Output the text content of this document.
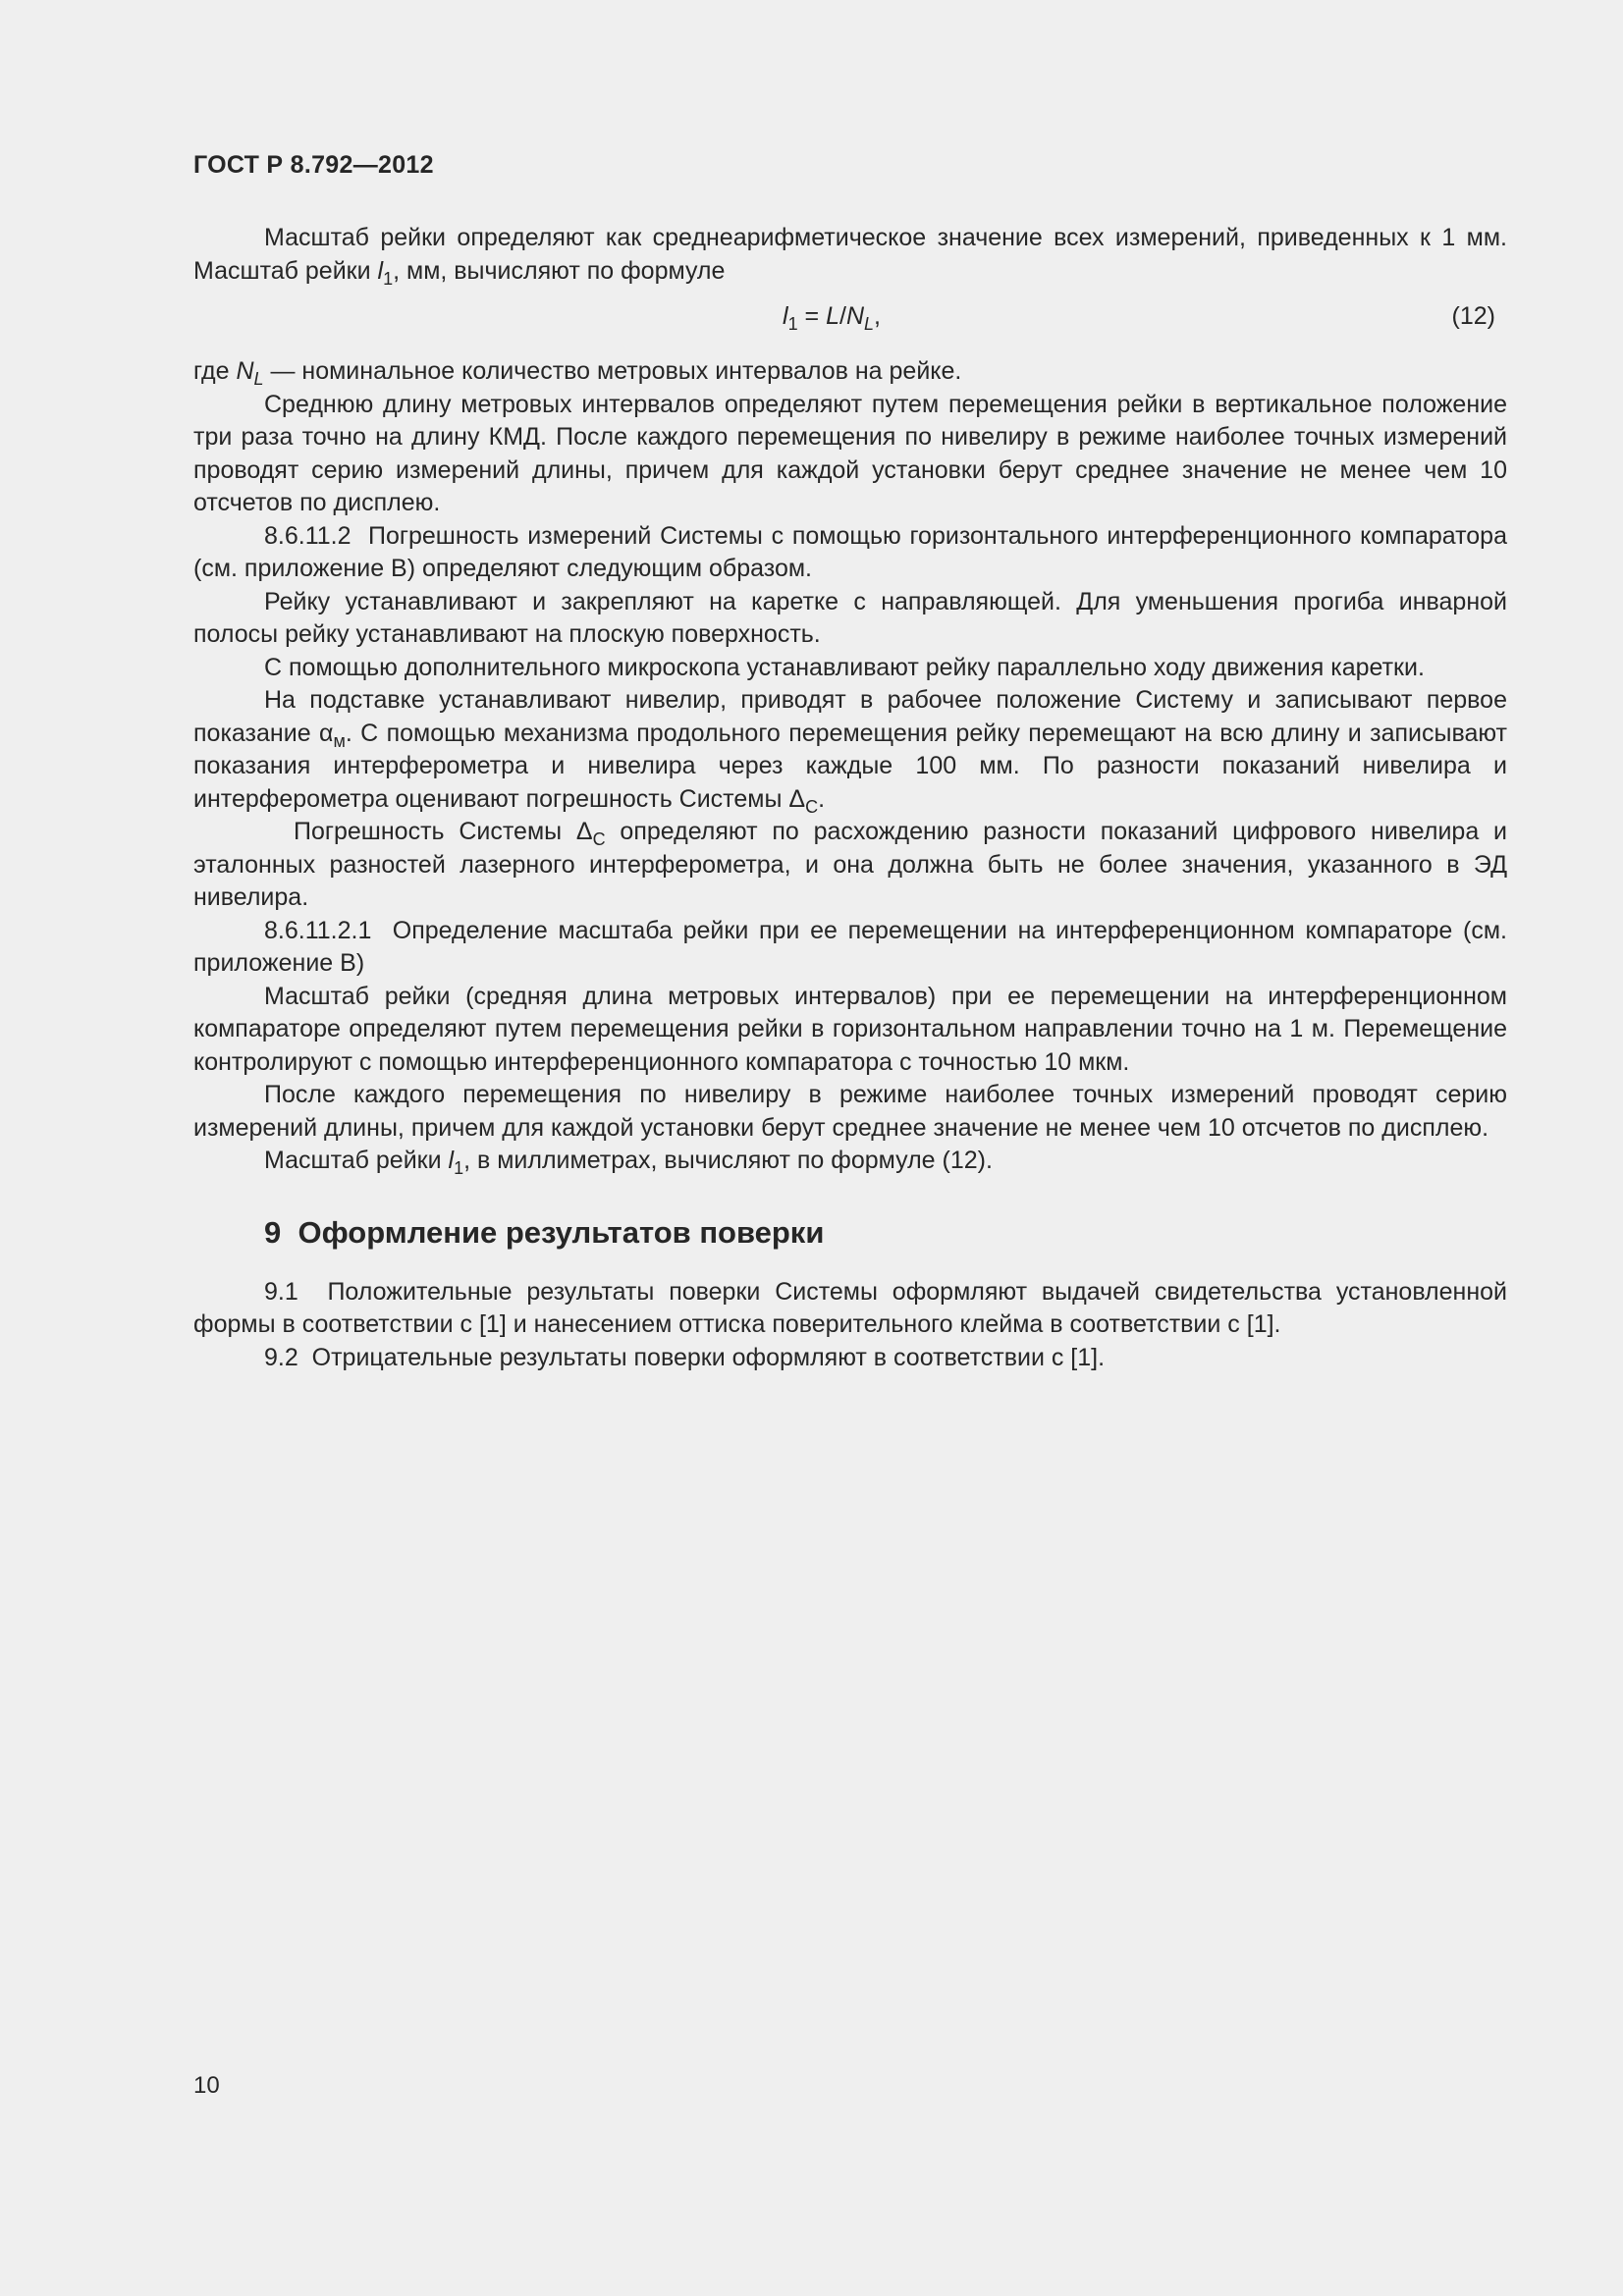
ГОСТ Р 8.792—2012

Масштаб рейки определяют как среднеарифметическое значение всех измерений, приведенных к 1 мм. Масштаб рейки $l_1$, мм, вычисляют по формуле

$l_1 = L/N_L$,	(12)

где $N_L$ — номинальное количество метровых интервалов на рейке.

Среднюю длину метровых интервалов определяют путем перемещения рейки в вертикальное положение три раза точно на длину КМД. После каждого перемещения по нивелиру в режиме наиболее точных измерений проводят серию измерений длины, причем для каждой установки берут среднее значение не менее чем 10 отсчетов по дисплею.

8.6.11.2  Погрешность измерений Системы с помощью горизонтального интерференционного компаратора (см. приложение В) определяют следующим образом.

Рейку устанавливают и закрепляют на каретке с направляющей. Для уменьшения прогиба инварной полосы рейку устанавливают на плоскую поверхность.

С помощью дополнительного микроскопа устанавливают рейку параллельно ходу движения каретки.

На подставке устанавливают нивелир, приводят в рабочее положение Систему и записывают первое показание $\alpha_м$. С помощью механизма продольного перемещения рейку перемещают на всю длину и записывают показания интерферометра и нивелира через каждые 100 мм. По разности показаний нивелира и интерферометра оценивают погрешность Системы $\Delta_С$.

Погрешность Системы $\Delta_С$ определяют по расхождению разности показаний цифрового нивелира и эталонных разностей лазерного интерферометра, и она должна быть не более значения, указанного в ЭД нивелира.

8.6.11.2.1  Определение масштаба рейки при ее перемещении на интерференционном компараторе (см. приложение В)

Масштаб рейки (средняя длина метровых интервалов) при ее перемещении на интерференционном компараторе определяют путем перемещения рейки в горизонтальном направлении точно на 1 м. Перемещение контролируют с помощью интерференционного компаратора с точностью 10 мкм.

После каждого перемещения по нивелиру в режиме наиболее точных измерений проводят серию измерений длины, причем для каждой установки берут среднее значение не менее чем 10 отсчетов по дисплею.

Масштаб рейки $l_1$, в миллиметрах, вычисляют по формуле (12).

9  Оформление результатов поверки

9.1  Положительные результаты поверки Системы оформляют выдачей свидетельства установленной формы в соответствии с [1] и нанесением оттиска поверительного клейма в соответствии с [1].

9.2  Отрицательные результаты поверки оформляют в соответствии с [1].

10
